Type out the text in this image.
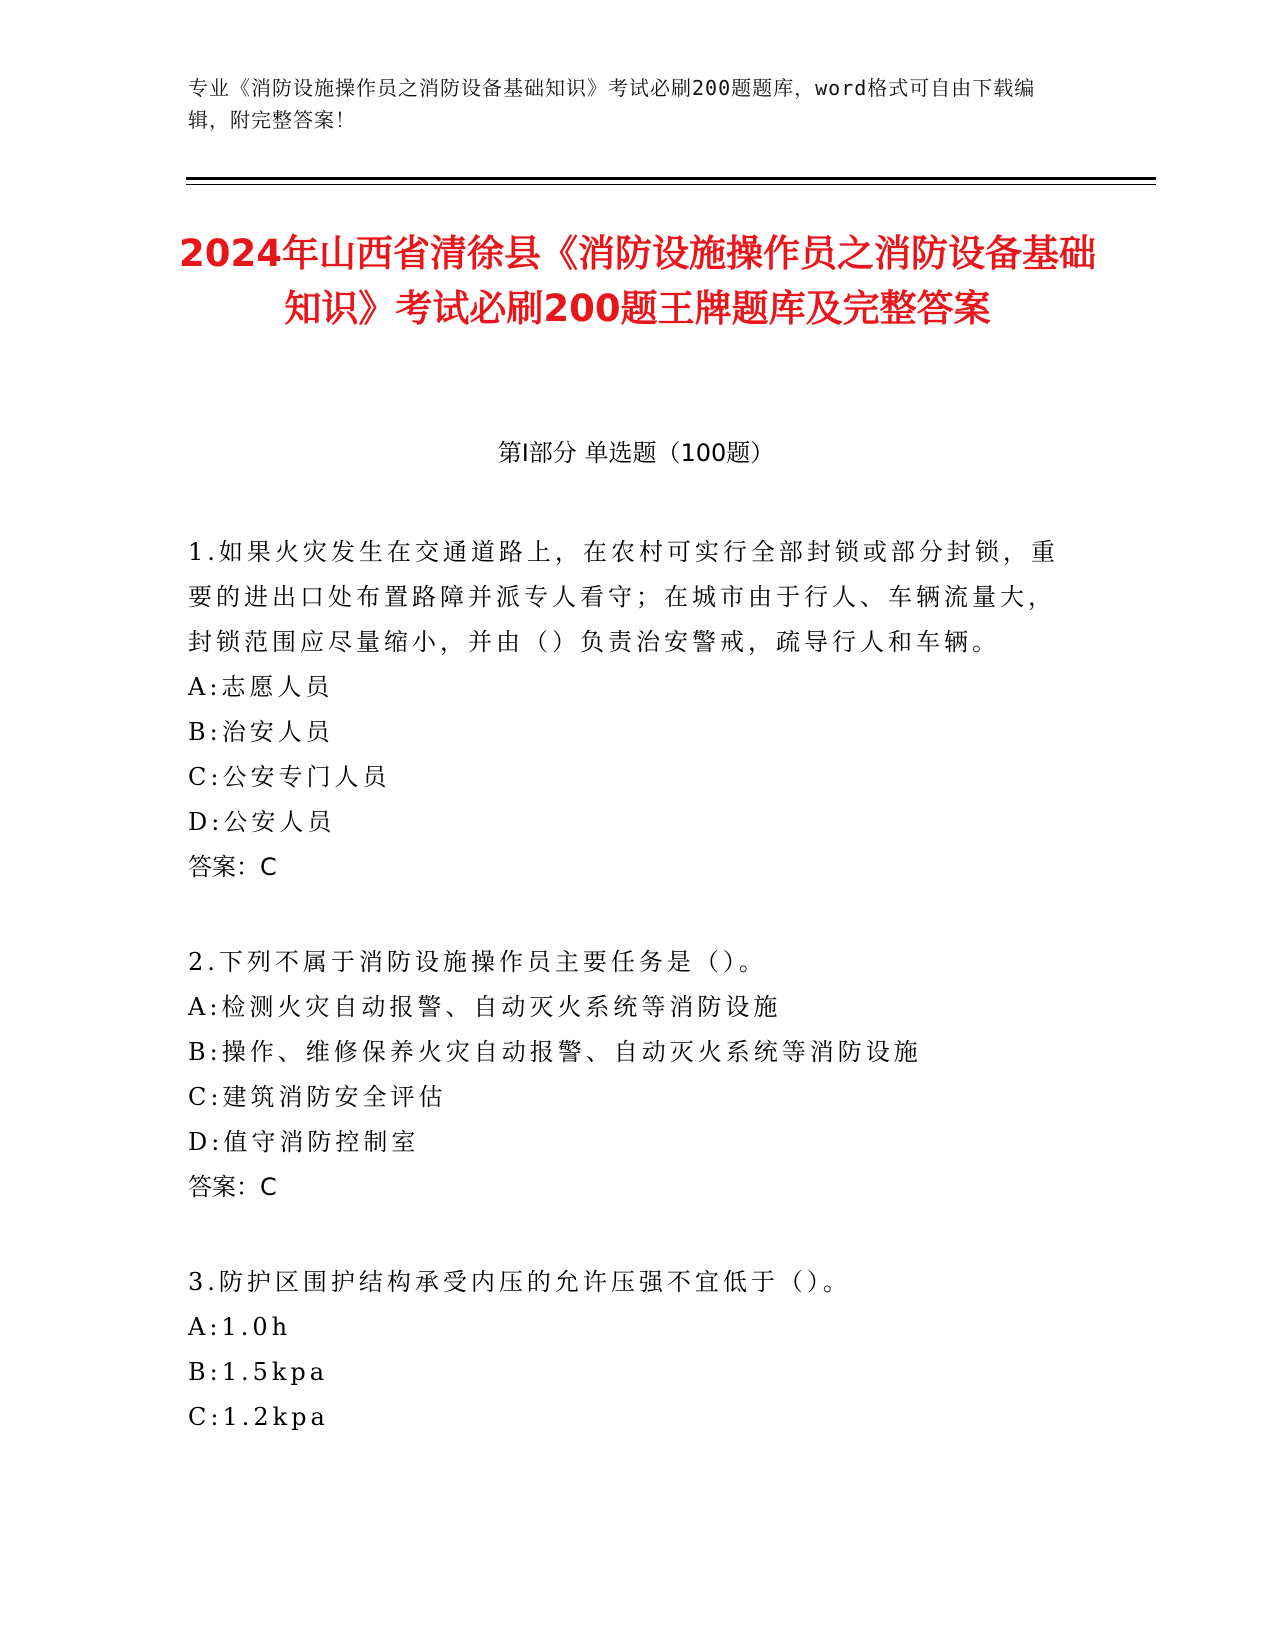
专业《消防设施操作员之消防设备基础知识》考试必刷200题题库，word格式可自由下载编辑，附完整答案！
2024年山西省清徐县《消防设施操作员之消防设备基础知识》考试必刷200题王牌题库及完整答案
第Ⅰ部分 单选题（100题）

1.如果火灾发生在交通道路上，在农村可实行全部封锁或部分封锁，重要的进出口处布置路障并派专人看守；在城市由于行人、车辆流量大，封锁范围应尽量缩小，并由（）负责治安警戒，疏导行人和车辆。

A:志愿人员

B:治安人员

C:公安专门人员

D:公安人员

答案：C

2.下列不属于消防设施操作员主要任务是（）。

A:检测火灾自动报警、自动灭火系统等消防设施

B:操作、维修保养火灾自动报警、自动灭火系统等消防设施

C:建筑消防安全评估

D:值守消防控制室

答案：C

3.防护区围护结构承受内压的允许压强不宜低于（）。

A:1.0h

B:1.5kpa

C:1.2kpa
